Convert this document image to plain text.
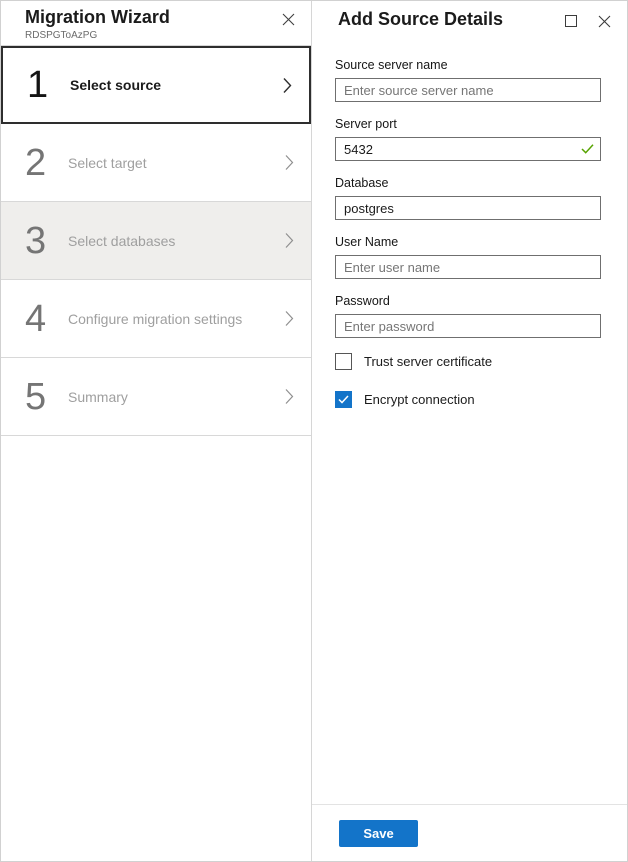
Migration Wizard
RDSPGToAzPG
1	Select source
2	Select target
3	Select databases
4	Configure migration settings
5	Summary
Add Source Details
Source server name
Enter source server name
Server port
5432
Database
postgres
User Name
Enter user name
Password
Trust server certificate
Encrypt connection
Save
